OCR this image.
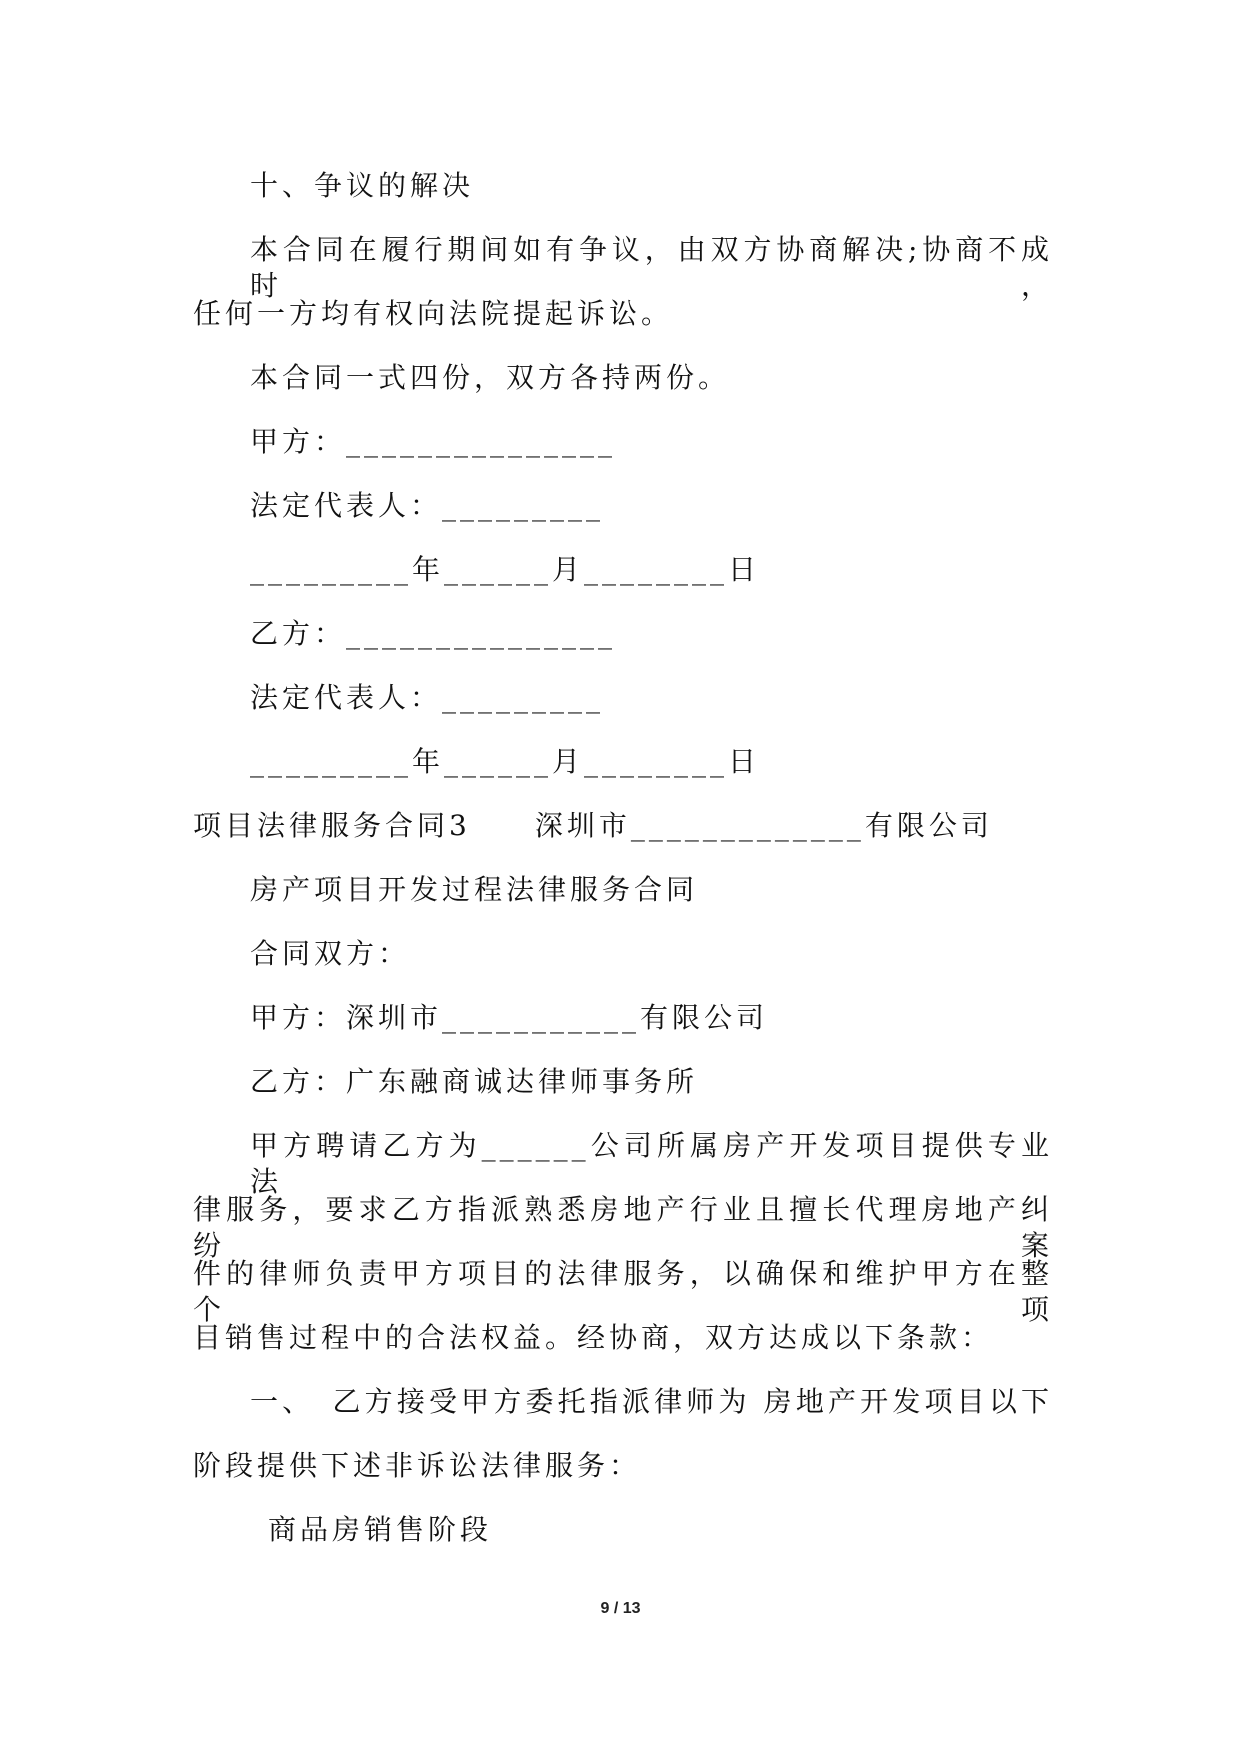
十、争议的解决
本合同在履行期间如有争议，由双方协商解决;协商不成时，
任何一方均有权向法院提起诉讼。
本合同一式四份，双方各持两份。
甲方：_______________
法定代表人：_________
_________年______月________日
乙方：_______________
法定代表人：_________
_________年______月________日
项目法律服务合同3　　深圳市_____________有限公司
房产项目开发过程法律服务合同
合同双方：
甲方：深圳市___________有限公司
乙方：广东融商诚达律师事务所
甲方聘请乙方为______公司所属房产开发项目提供专业法
律服务，要求乙方指派熟悉房地产行业且擅长代理房地产纠纷案
件的律师负责甲方项目的法律服务，以确保和维护甲方在整个项
目销售过程中的合法权益。经协商，双方达成以下条款：
一、　乙方接受甲方委托指派律师为 房地产开发项目以下
阶段提供下述非诉讼法律服务：
商品房销售阶段
9 / 13
